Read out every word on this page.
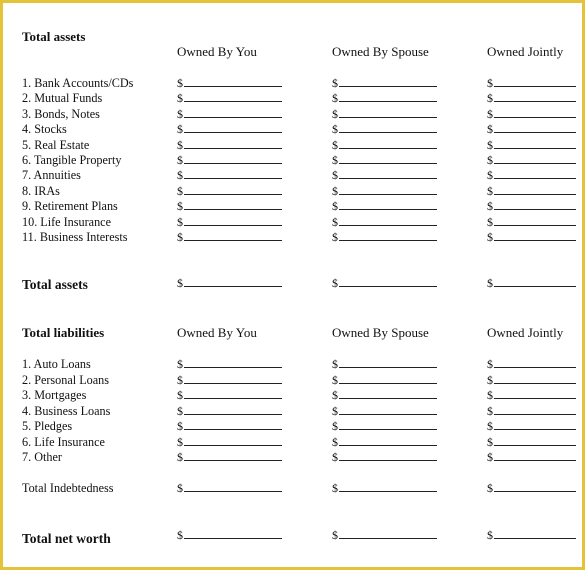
Total assets
Owned By You	Owned By Spouse	Owned Jointly
1. Bank Accounts/CDs	$	$	$
2. Mutual Funds	$	$	$
3. Bonds, Notes	$	$	$
4. Stocks	$	$	$
5. Real Estate	$	$	$
6. Tangible Property	$	$	$
7. Annuities	$	$	$
8. IRAs	$	$	$
9. Retirement Plans	$	$	$
10. Life Insurance	$	$	$
11. Business Interests	$	$	$
Total assets	$	$	$
Total liabilities	Owned By You	Owned By Spouse	Owned Jointly
1. Auto Loans	$	$	$
2. Personal Loans	$	$	$
3. Mortgages	$	$	$
4. Business Loans	$	$	$
5. Pledges	$	$	$
6. Life Insurance	$	$	$
7. Other	$	$	$
Total Indebtedness	$	$	$
Total net worth	$	$	$
